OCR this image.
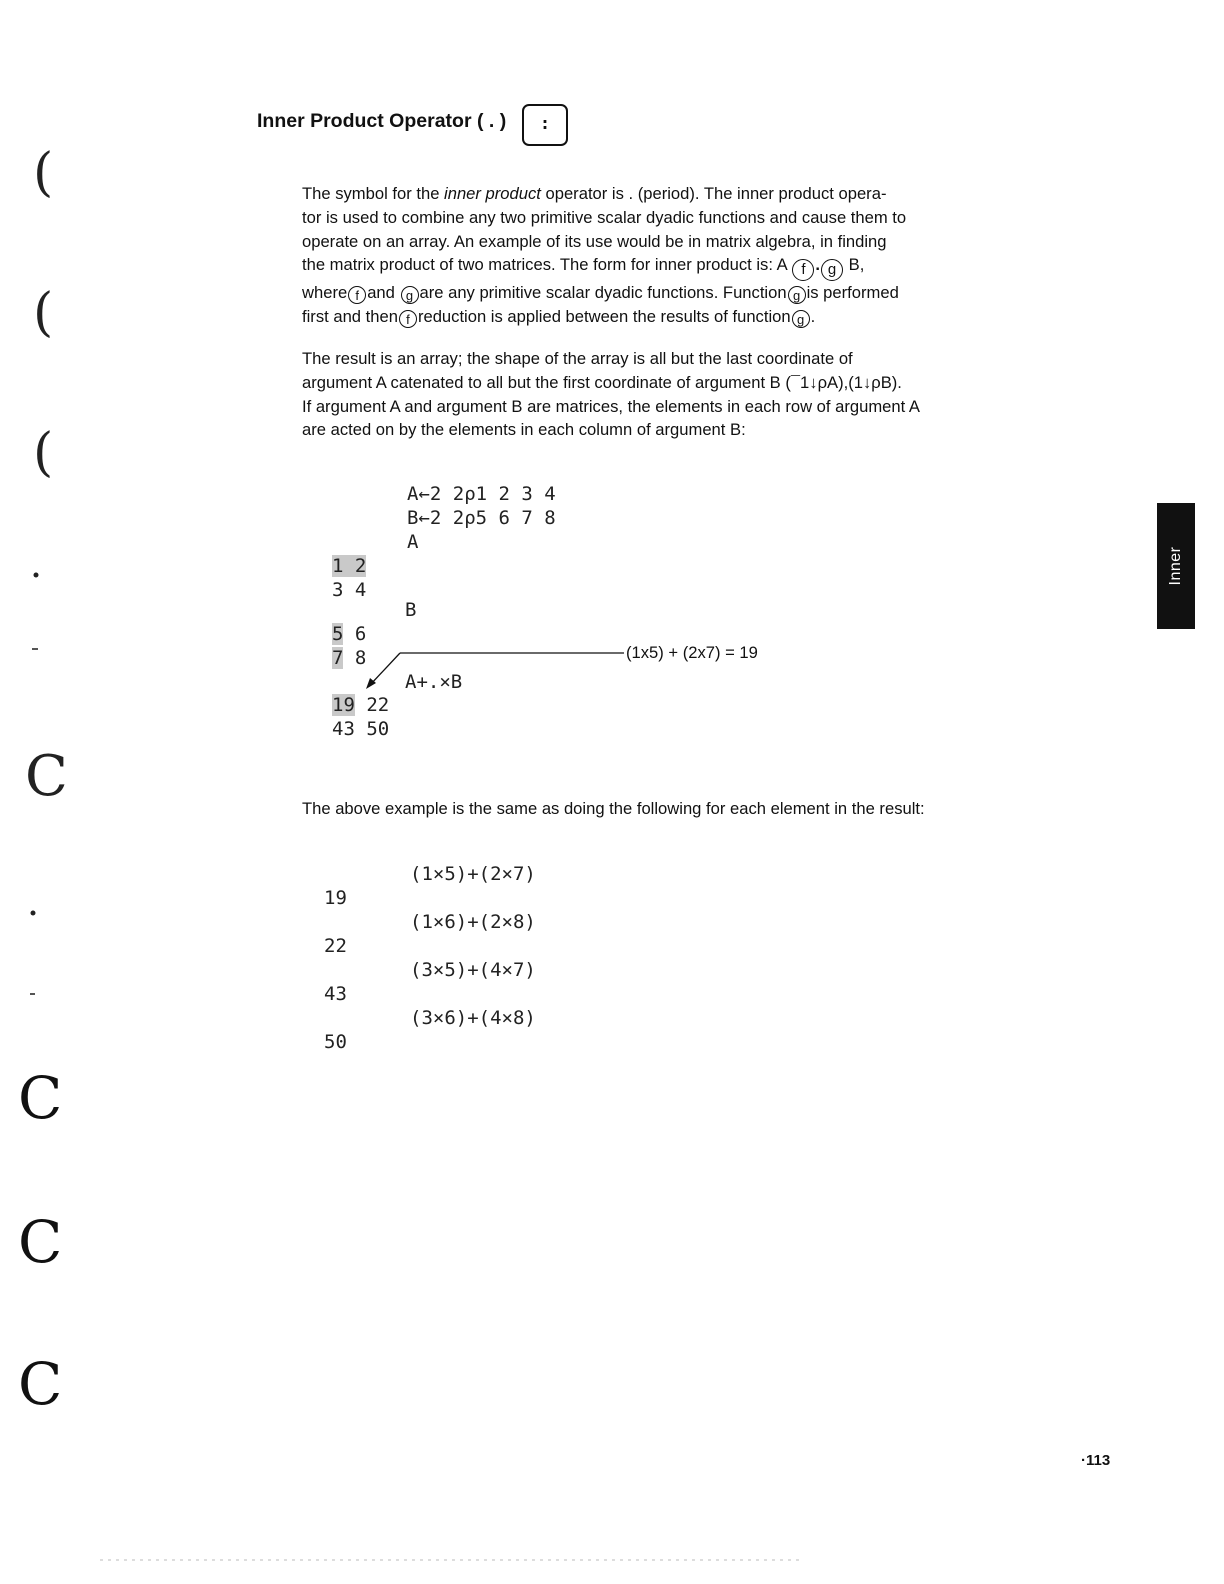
(
(
(
C
C
C
C
Inner Product Operator ( . )	:
The symbol for the inner product operator is . (period). The inner product opera-
tor is used to combine any two primitive scalar dyadic functions and cause them to
operate on an array. An example of its use would be in matrix algebra, in finding
the matrix product of two matrices. The form for inner product is: A f . g B,
where f and g are any primitive scalar dyadic functions. Function g is performed
first and then f reduction is applied between the results of function g .
The result is an array; the shape of the array is all but the last coordinate of
argument A catenated to all but the first coordinate of argument B (¯1↓ρA),(1↓ρB).
If argument A and argument B are matrices, the elements in each row of argument A
are acted on by the elements in each column of argument B:
A←2 2ρ1 2 3 4
B←2 2ρ5 6 7 8
A
1 2
3 4
B
5 6
7 8
A+.×B
19 22
43 50
(1x5) + (2x7) = 19
The above example is the same as doing the following for each element in the result:
(1×5)+(2×7)
19
(1×6)+(2×8)
22
(3×5)+(4×7)
43
(3×6)+(4×8)
50
Inner
·113
